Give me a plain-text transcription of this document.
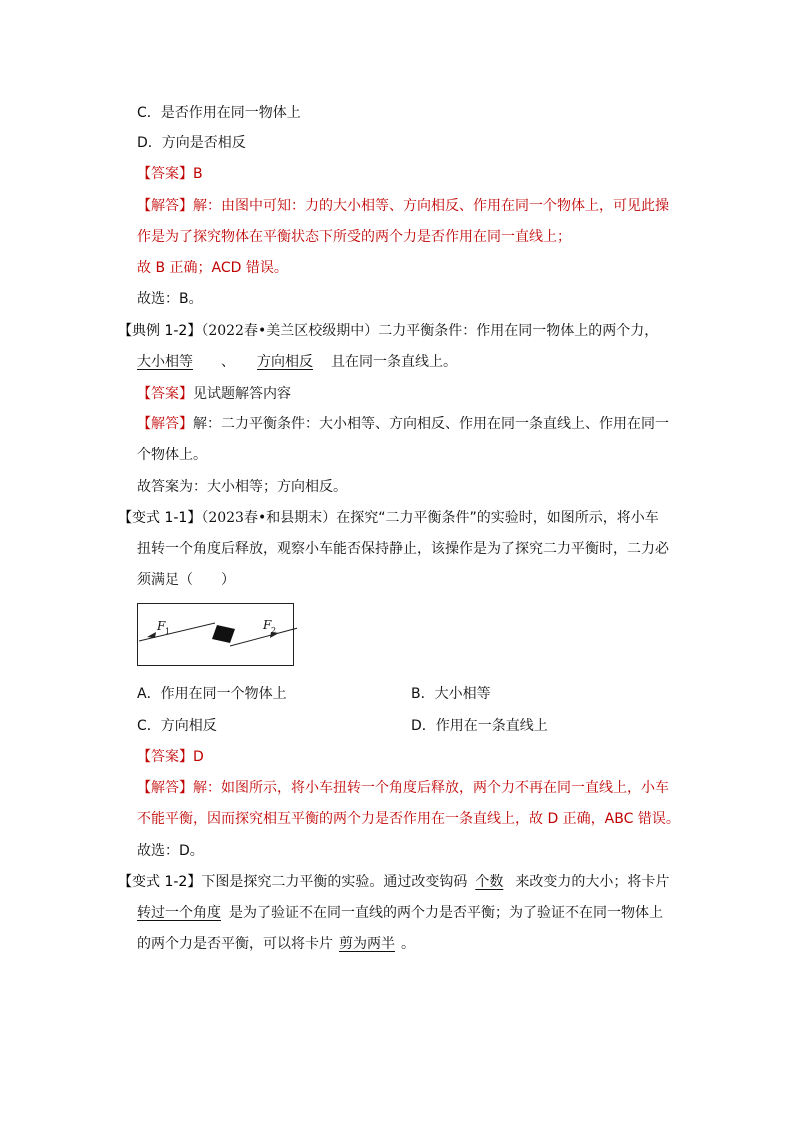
C．是否作用在同一物体上
D．方向是否相反
【答案】B
【解答】解：由图中可知：力的大小相等、方向相反、作用在同一个物体上，可见此操
作是为了探究物体在平衡状态下所受的两个力是否作用在同一直线上；
故 B 正确；ACD 错误。
故选：B。
【典例 1-2】（2022春•美兰区校级期中）二力平衡条件：作用在同一物体上的两个力，
大小相等 、 方向相反 且在同一条直线上。
【答案】见试题解答内容
【解答】解：二力平衡条件：大小相等、方向相反、作用在同一条直线上、作用在同一
个物体上。
故答案为：大小相等；方向相反。
【变式 1-1】（2023春•和县期末）在探究“二力平衡条件”的实验时，如图所示，将小车
扭转一个角度后释放，观察小车能否保持静止，该操作是为了探究二力平衡时，二力必
须满足（　　）
F 1	F 2
A．作用在同一个物体上	B．大小相等
C．方向相反	D．作用在一条直线上
【答案】D
【解答】解：如图所示，将小车扭转一个角度后释放，两个力不再在同一直线上，小车
不能平衡，因而探究相互平衡的两个力是否作用在一条直线上，故 D 正确，ABC 错误。
故选：D。
【变式 1-2】下图是探究二力平衡的实验。通过改变钩码 个数 来改变力的大小；将卡片
转过一个角度 是为了验证不在同一直线的两个力是否平衡；为了验证不在同一物体上
的两个力是否平衡，可以将卡片 剪为两半 。
